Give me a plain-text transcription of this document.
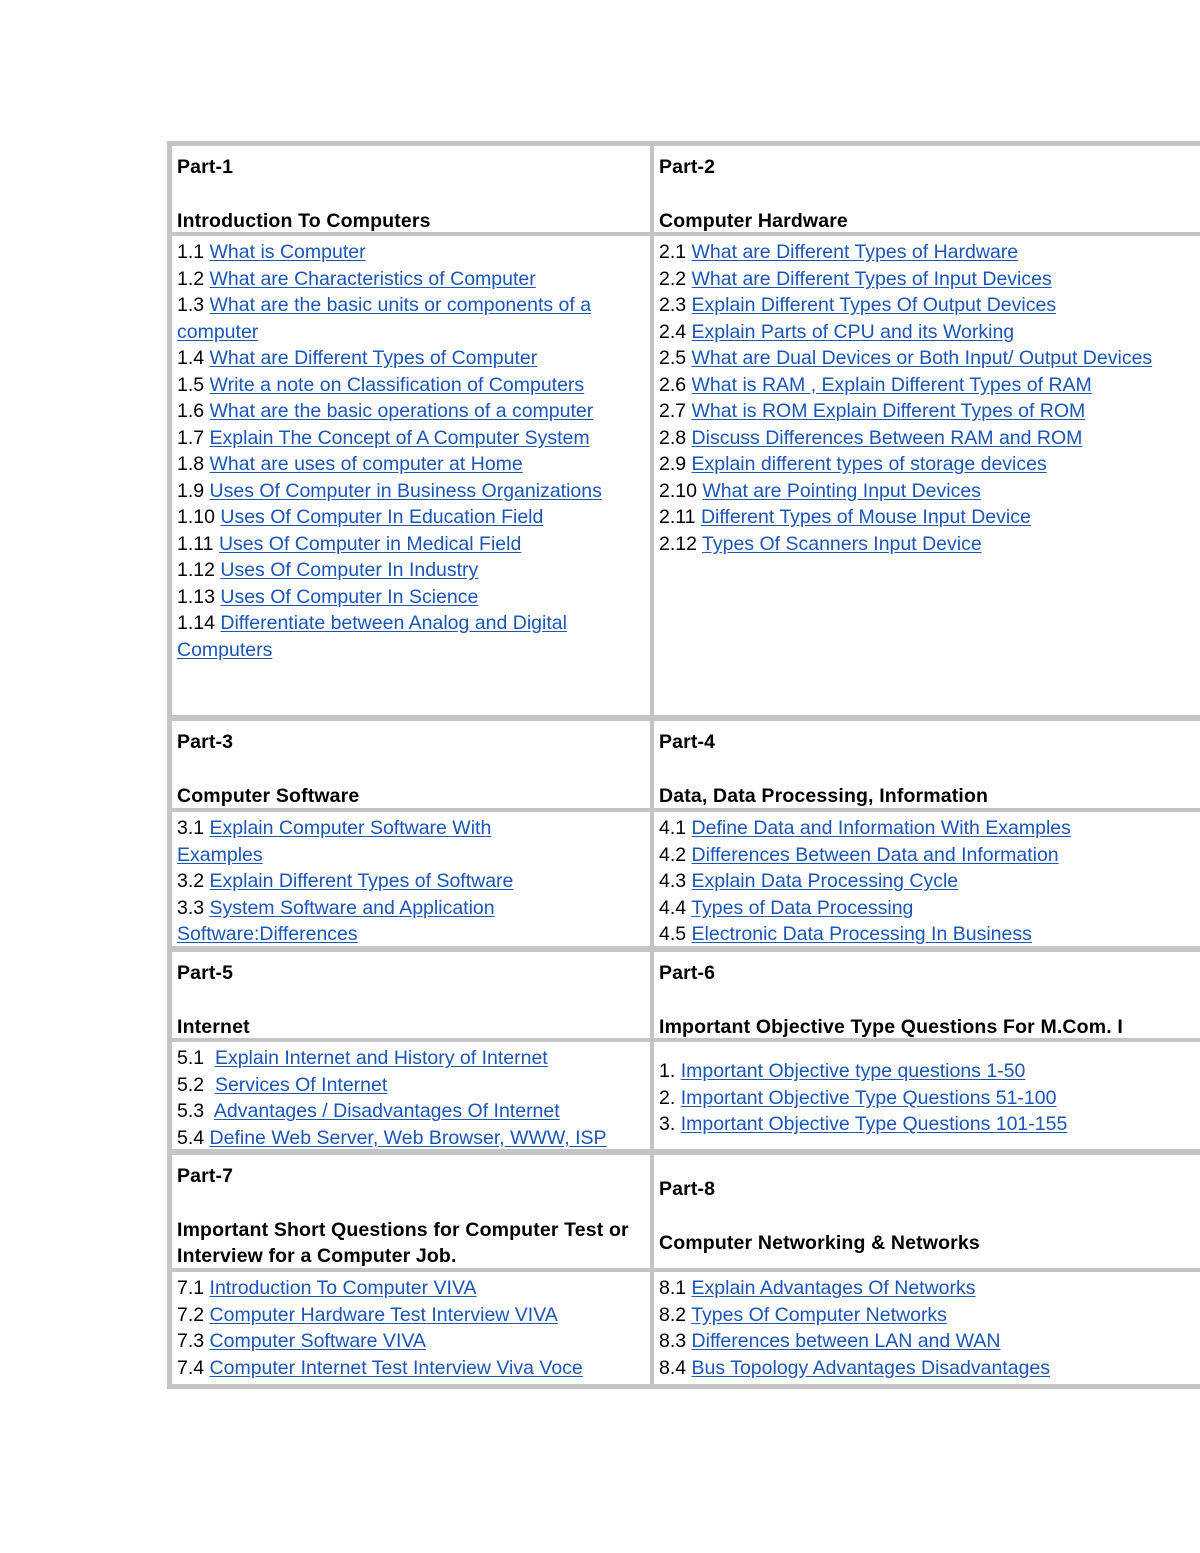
Part-1
Introduction To Computers
Part-2
Computer Hardware
1.1 What is Computer
1.2 What are Characteristics of Computer
1.3 What are the basic units or components of a computer
1.4 What are Different Types of Computer
1.5 Write a note on Classification of Computers
1.6 What are the basic operations of a computer
1.7 Explain The Concept of A Computer System
1.8 What are uses of computer at Home
1.9 Uses Of Computer in Business Organizations
1.10 Uses Of Computer In Education Field
1.11 Uses Of Computer in Medical Field
1.12 Uses Of Computer In Industry
1.13 Uses Of Computer In Science
1.14 Differentiate between Analog and Digital Computers
2.1 What are Different Types of Hardware
2.2 What are Different Types of Input Devices
2.3 Explain Different Types Of Output Devices
2.4 Explain Parts of CPU and its Working
2.5 What are Dual Devices or Both Input/ Output Devices
2.6 What is RAM , Explain Different Types of RAM
2.7 What is ROM Explain Different Types of ROM
2.8 Discuss Differences Between RAM and ROM
2.9 Explain different types of storage devices
2.10 What are Pointing Input Devices
2.11 Different Types of Mouse Input Device
2.12 Types Of Scanners Input Device
Part-3
Computer Software
Part-4
Data, Data Processing, Information
3.1 Explain Computer Software With Examples
3.2 Explain Different Types of Software
3.3 System Software and Application Software:Differences
4.1 Define Data and Information With Examples
4.2 Differences Between Data and Information
4.3 Explain Data Processing Cycle
4.4 Types of Data Processing
4.5 Electronic Data Processing In Business
Part-5
Internet
Part-6
Important Objective Type Questions For M.Com. I
5.1  Explain Internet and History of Internet
5.2  Services Of Internet
5.3  Advantages / Disadvantages Of Internet
5.4 Define Web Server, Web Browser, WWW, ISP
1. Important Objective type questions 1-50
2. Important Objective Type Questions 51-100
3. Important Objective Type Questions 101-155
Part-7
Important Short Questions for Computer Test or Interview for a Computer Job.
Part-8
Computer Networking & Networks
7.1 Introduction To Computer VIVA
7.2 Computer Hardware Test Interview VIVA
7.3 Computer Software VIVA
7.4 Computer Internet Test Interview Viva Voce
8.1 Explain Advantages Of Networks
8.2 Types Of Computer Networks
8.3 Differences between LAN and WAN
8.4 Bus Topology Advantages Disadvantages
